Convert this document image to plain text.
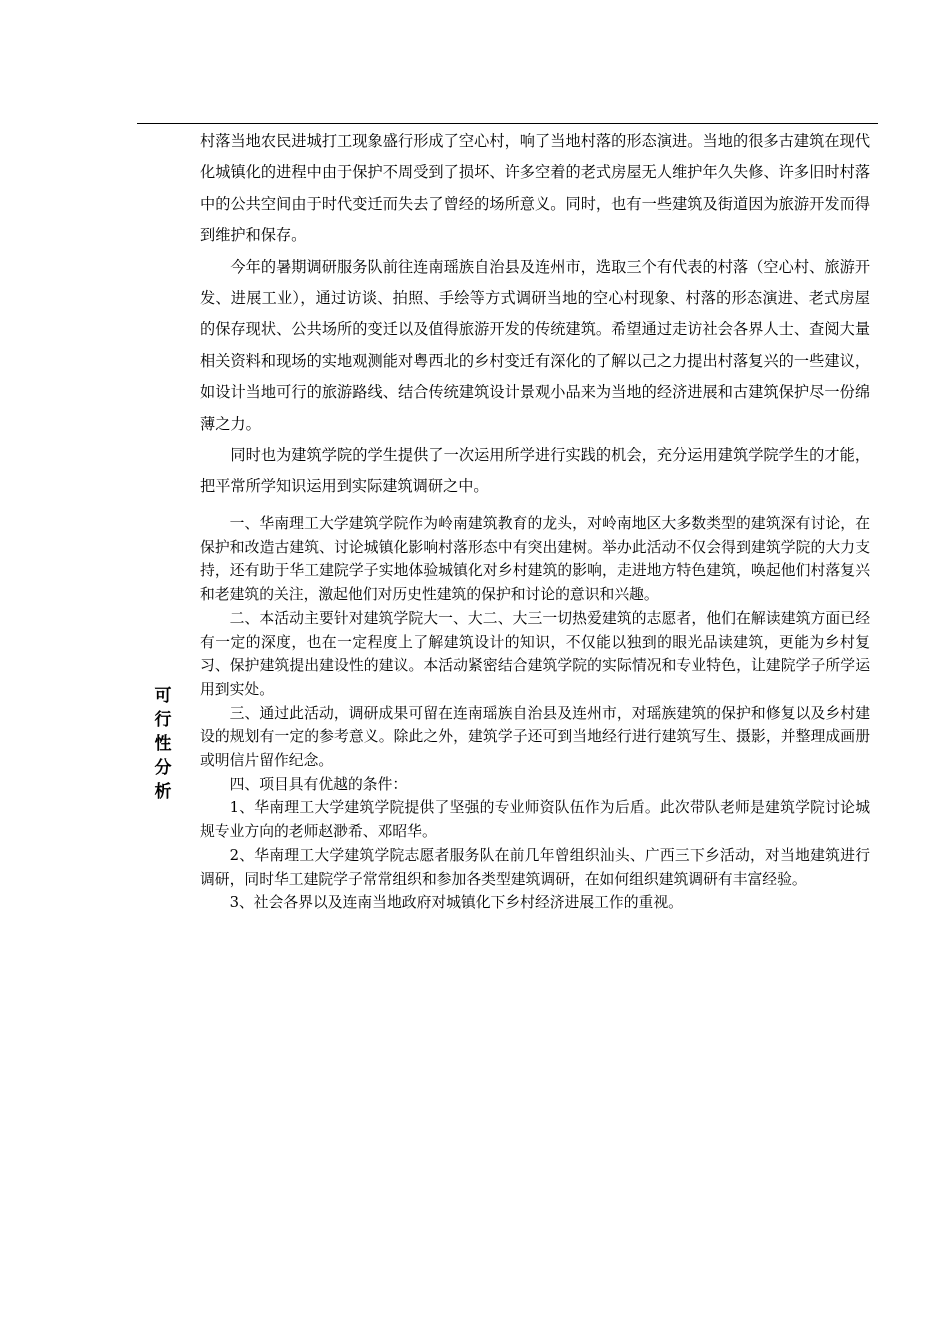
村落当地农民进城打工现象盛行形成了空心村，响了当地村落的形态演进。当地的很多古建筑在现代化城镇化的进程中由于保护不周受到了损坏、许多空着的老式房屋无人维护年久失修、许多旧时村落中的公共空间由于时代变迁而失去了曾经的场所意义。同时，也有一些建筑及街道因为旅游开发而得到维护和保存。

今年的暑期调研服务队前往连南瑶族自治县及连州市，选取三个有代表的村落（空心村、旅游开发、进展工业），通过访谈、拍照、手绘等方式调研当地的空心村现象、村落的形态演进、老式房屋的保存现状、公共场所的变迁以及值得旅游开发的传统建筑。希望通过走访社会各界人士、查阅大量相关资料和现场的实地观测能对粤西北的乡村变迁有深化的了解以己之力提出村落复兴的一些建议，如设计当地可行的旅游路线、结合传统建筑设计景观小品来为当地的经济进展和古建筑保护尽一份绵薄之力。

同时也为建筑学院的学生提供了一次运用所学进行实践的机会，充分运用建筑学院学生的才能，把平常所学知识运用到实际建筑调研之中。

可行性分析

一、华南理工大学建筑学院作为岭南建筑教育的龙头，对岭南地区大多数类型的建筑深有讨论，在保护和改造古建筑、讨论城镇化影响村落形态中有突出建树。举办此活动不仅会得到建筑学院的大力支持，还有助于华工建院学子实地体验城镇化对乡村建筑的影响，走进地方特色建筑，唤起他们村落复兴和老建筑的关注，激起他们对历史性建筑的保护和讨论的意识和兴趣。

二、本活动主要针对建筑学院大一、大二、大三一切热爱建筑的志愿者，他们在解读建筑方面已经有一定的深度，也在一定程度上了解建筑设计的知识，不仅能以独到的眼光品读建筑，更能为乡村复习、保护建筑提出建设性的建议。本活动紧密结合建筑学院的实际情况和专业特色，让建院学子所学运用到实处。

三、通过此活动，调研成果可留在连南瑶族自治县及连州市，对瑶族建筑的保护和修复以及乡村建设的规划有一定的参考意义。除此之外，建筑学子还可到当地经行进行建筑写生、摄影，并整理成画册或明信片留作纪念。

四、项目具有优越的条件：

1、华南理工大学建筑学院提供了坚强的专业师资队伍作为后盾。此次带队老师是建筑学院讨论城规专业方向的老师赵渺希、邓昭华。

2、华南理工大学建筑学院志愿者服务队在前几年曾组织汕头、广西三下乡活动，对当地建筑进行调研，同时华工建院学子常常组织和参加各类型建筑调研，在如何组织建筑调研有丰富经验。

3、社会各界以及连南当地政府对城镇化下乡村经济进展工作的重视。
